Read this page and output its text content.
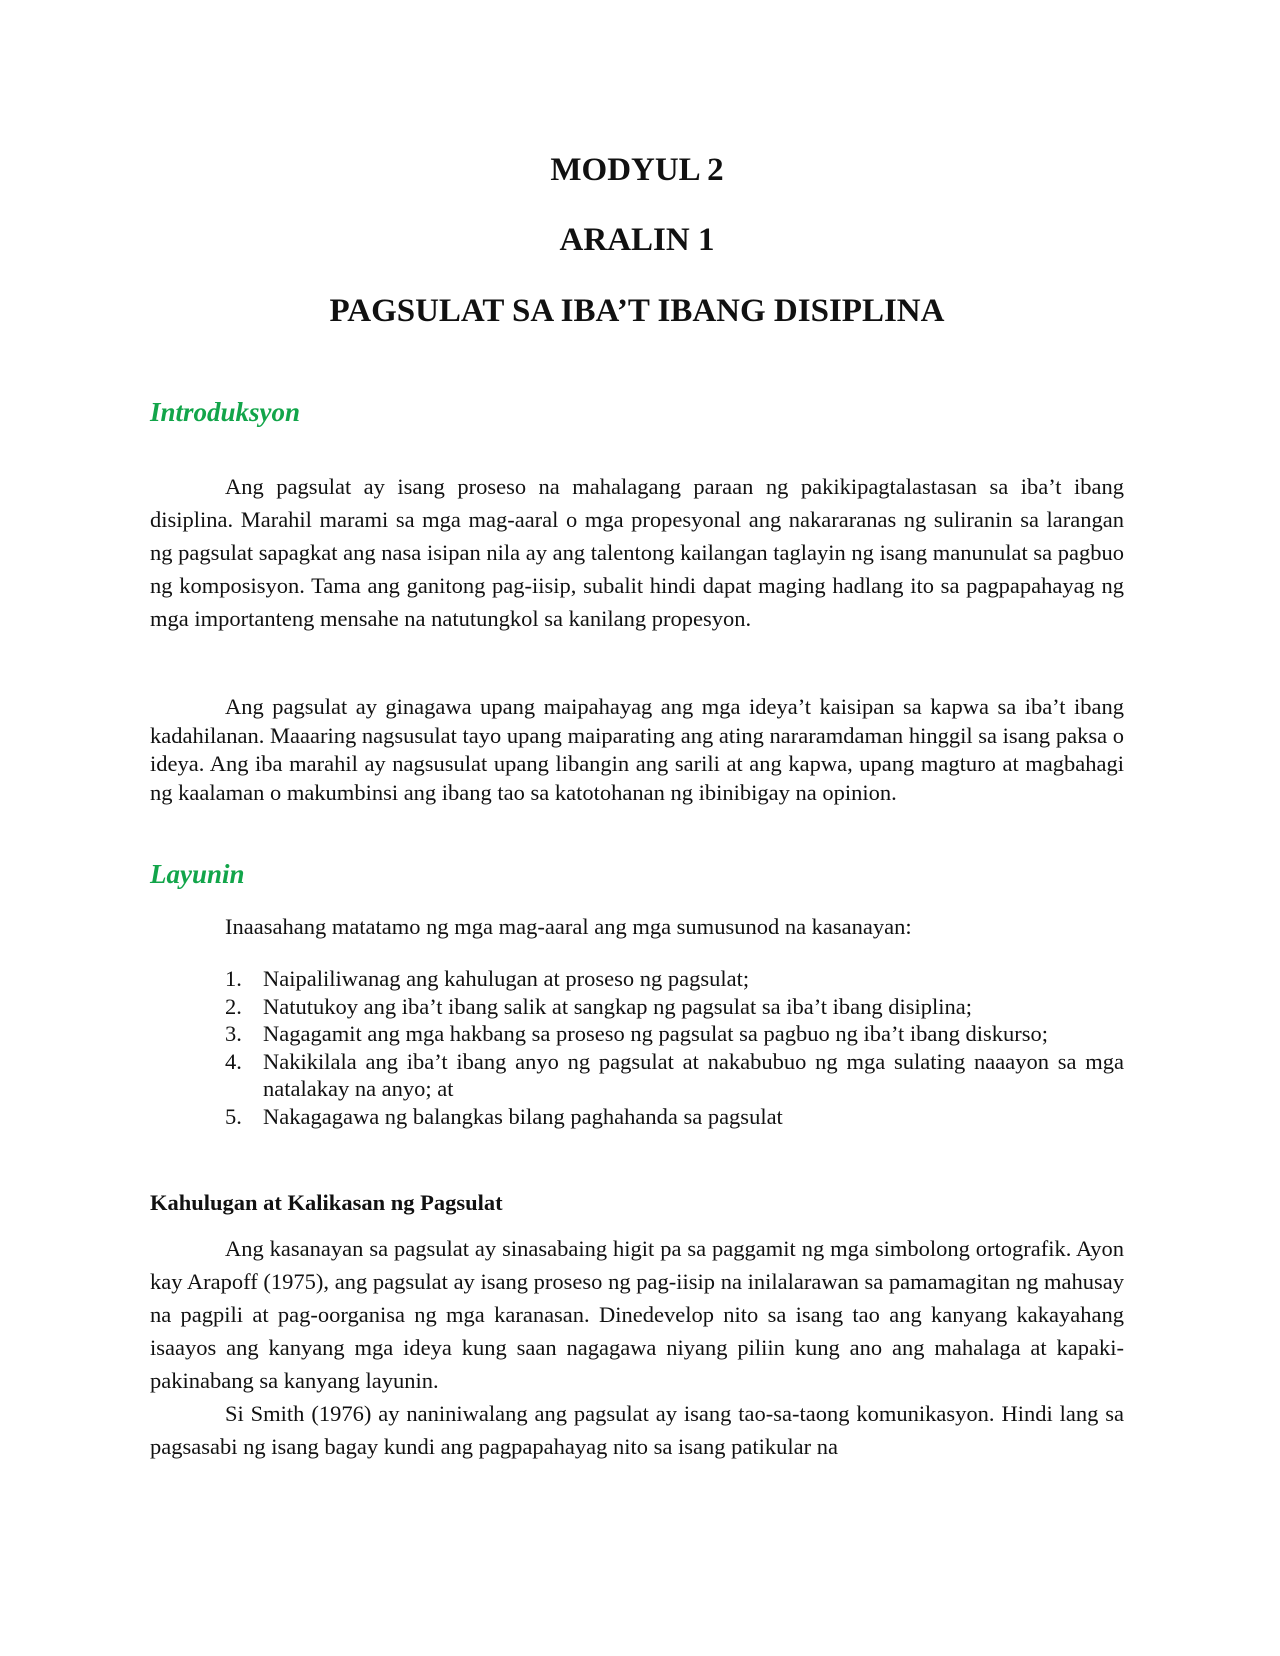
MODYUL 2
ARALIN 1
PAGSULAT SA IBA’T IBANG DISIPLINA
Introduksyon

Ang pagsulat ay isang proseso na mahalagang paraan ng pakikipagtalastasan sa iba’t ibang disiplina. Marahil marami sa mga mag-aaral o mga propesyonal ang nakararanas ng suliranin sa larangan ng pagsulat sapagkat ang nasa isipan nila ay ang talentong kailangan taglayin ng isang manunulat sa pagbuo ng komposisyon. Tama ang ganitong pag-iisip, subalit hindi dapat maging hadlang ito sa pagpapahayag ng mga importanteng mensahe na natutungkol sa kanilang propesyon.

Ang pagsulat ay ginagawa upang maipahayag ang mga ideya’t kaisipan sa kapwa sa iba’t ibang kadahilanan. Maaaring nagsusulat tayo upang maiparating ang ating nararamdaman hinggil sa isang paksa o ideya. Ang iba marahil ay nagsusulat upang libangin ang sarili at ang kapwa, upang magturo at magbahagi ng kaalaman o makumbinsi ang ibang tao sa katotohanan ng ibinibigay na opinion.

Layunin

Inaasahang matatamo ng mga mag-aaral ang mga sumusunod na kasanayan:

1. Naipaliliwanag ang kahulugan at proseso ng pagsulat;
2. Natutukoy ang iba’t ibang salik at sangkap ng pagsulat sa iba’t ibang disiplina;
3. Nagagamit ang mga hakbang sa proseso ng pagsulat sa pagbuo ng iba’t ibang diskurso;
4. Nakikilala ang iba’t ibang anyo ng pagsulat at nakabubuo ng mga sulating naaayon sa mga natalakay na anyo; at
5. Nakagagawa ng balangkas bilang paghahanda sa pagsulat
Kahulugan at Kalikasan ng Pagsulat

Ang kasanayan sa pagsulat ay sinasabaing higit pa sa paggamit ng mga simbolong ortografik. Ayon kay Arapoff (1975), ang pagsulat ay isang proseso ng pag-iisip na inilalarawan sa pamamagitan ng mahusay na pagpili at pag-oorganisa ng mga karanasan. Dinedevelop nito sa isang tao ang kanyang kakayahang isaayos ang kanyang mga ideya kung saan nagagawa niyang piliin kung ano ang mahalaga at kapaki-pakinabang sa kanyang layunin.

Si Smith (1976) ay naniniwalang ang pagsulat ay isang tao-sa-taong komunikasyon. Hindi lang sa pagsasabi ng isang bagay kundi ang pagpapahayag nito sa isang patikular na
